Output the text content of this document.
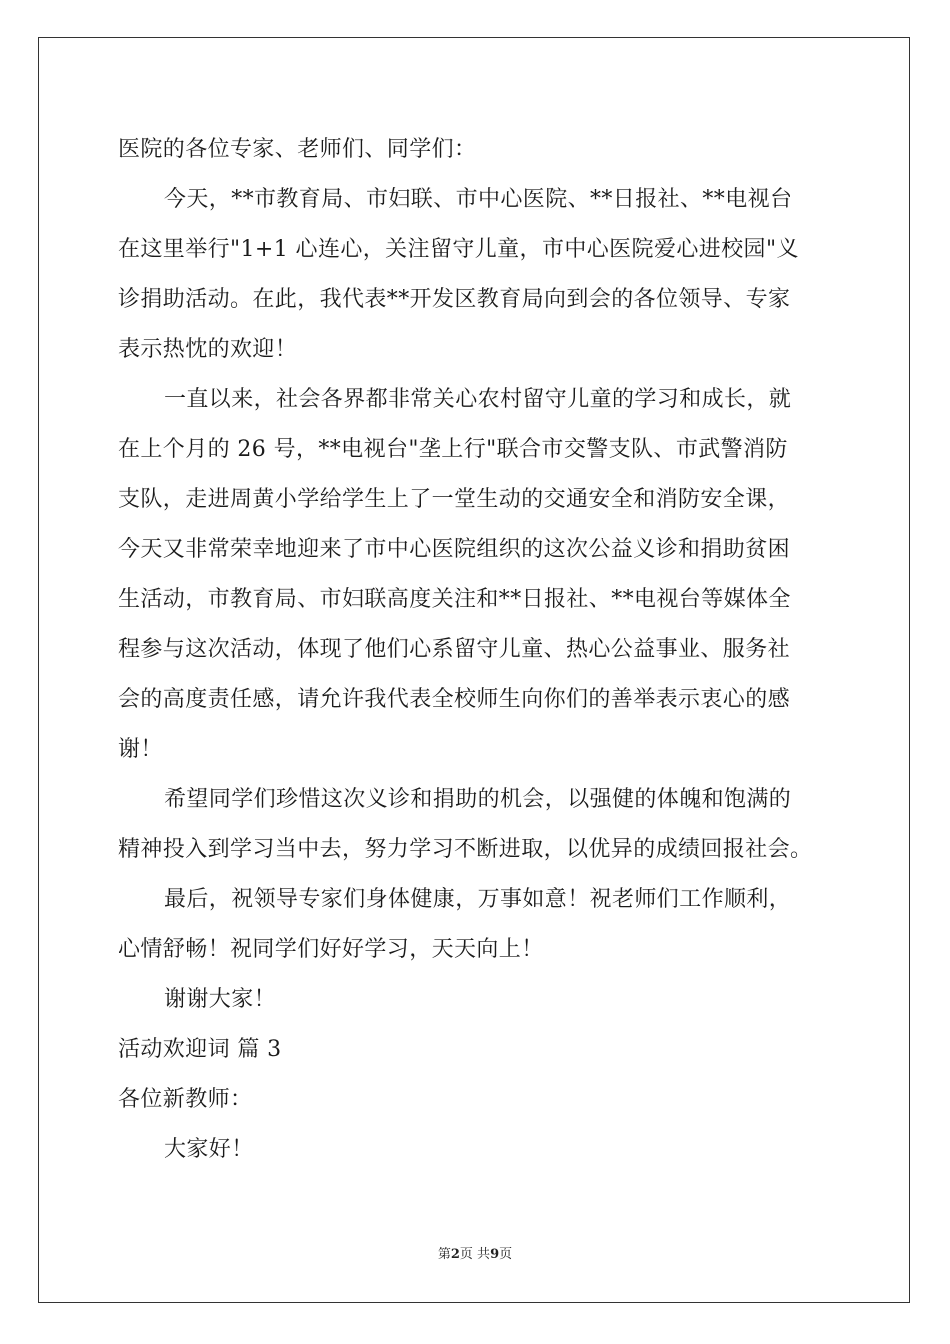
医院的各位专家、老师们、同学们：
今天，**市教育局、市妇联、市中心医院、**日报社、**电视台
在这里举行"1+1 心连心，关注留守儿童，市中心医院爱心进校园"义
诊捐助活动。在此，我代表**开发区教育局向到会的各位领导、专家
表示热忱的欢迎！
一直以来，社会各界都非常关心农村留守儿童的学习和成长，就
在上个月的 26 号，**电视台"垄上行"联合市交警支队、市武警消防
支队，走进周黄小学给学生上了一堂生动的交通安全和消防安全课，
今天又非常荣幸地迎来了市中心医院组织的这次公益义诊和捐助贫困
生活动，市教育局、市妇联高度关注和**日报社、**电视台等媒体全
程参与这次活动，体现了他们心系留守儿童、热心公益事业、服务社
会的高度责任感，请允许我代表全校师生向你们的善举表示衷心的感
谢！
希望同学们珍惜这次义诊和捐助的机会，以强健的体魄和饱满的
精神投入到学习当中去，努力学习不断进取，以优异的成绩回报社会。
最后，祝领导专家们身体健康，万事如意！祝老师们工作顺利，
心情舒畅！祝同学们好好学习，天天向上！
谢谢大家！
活动欢迎词 篇 3
各位新教师：
大家好！
第2页 共9页
